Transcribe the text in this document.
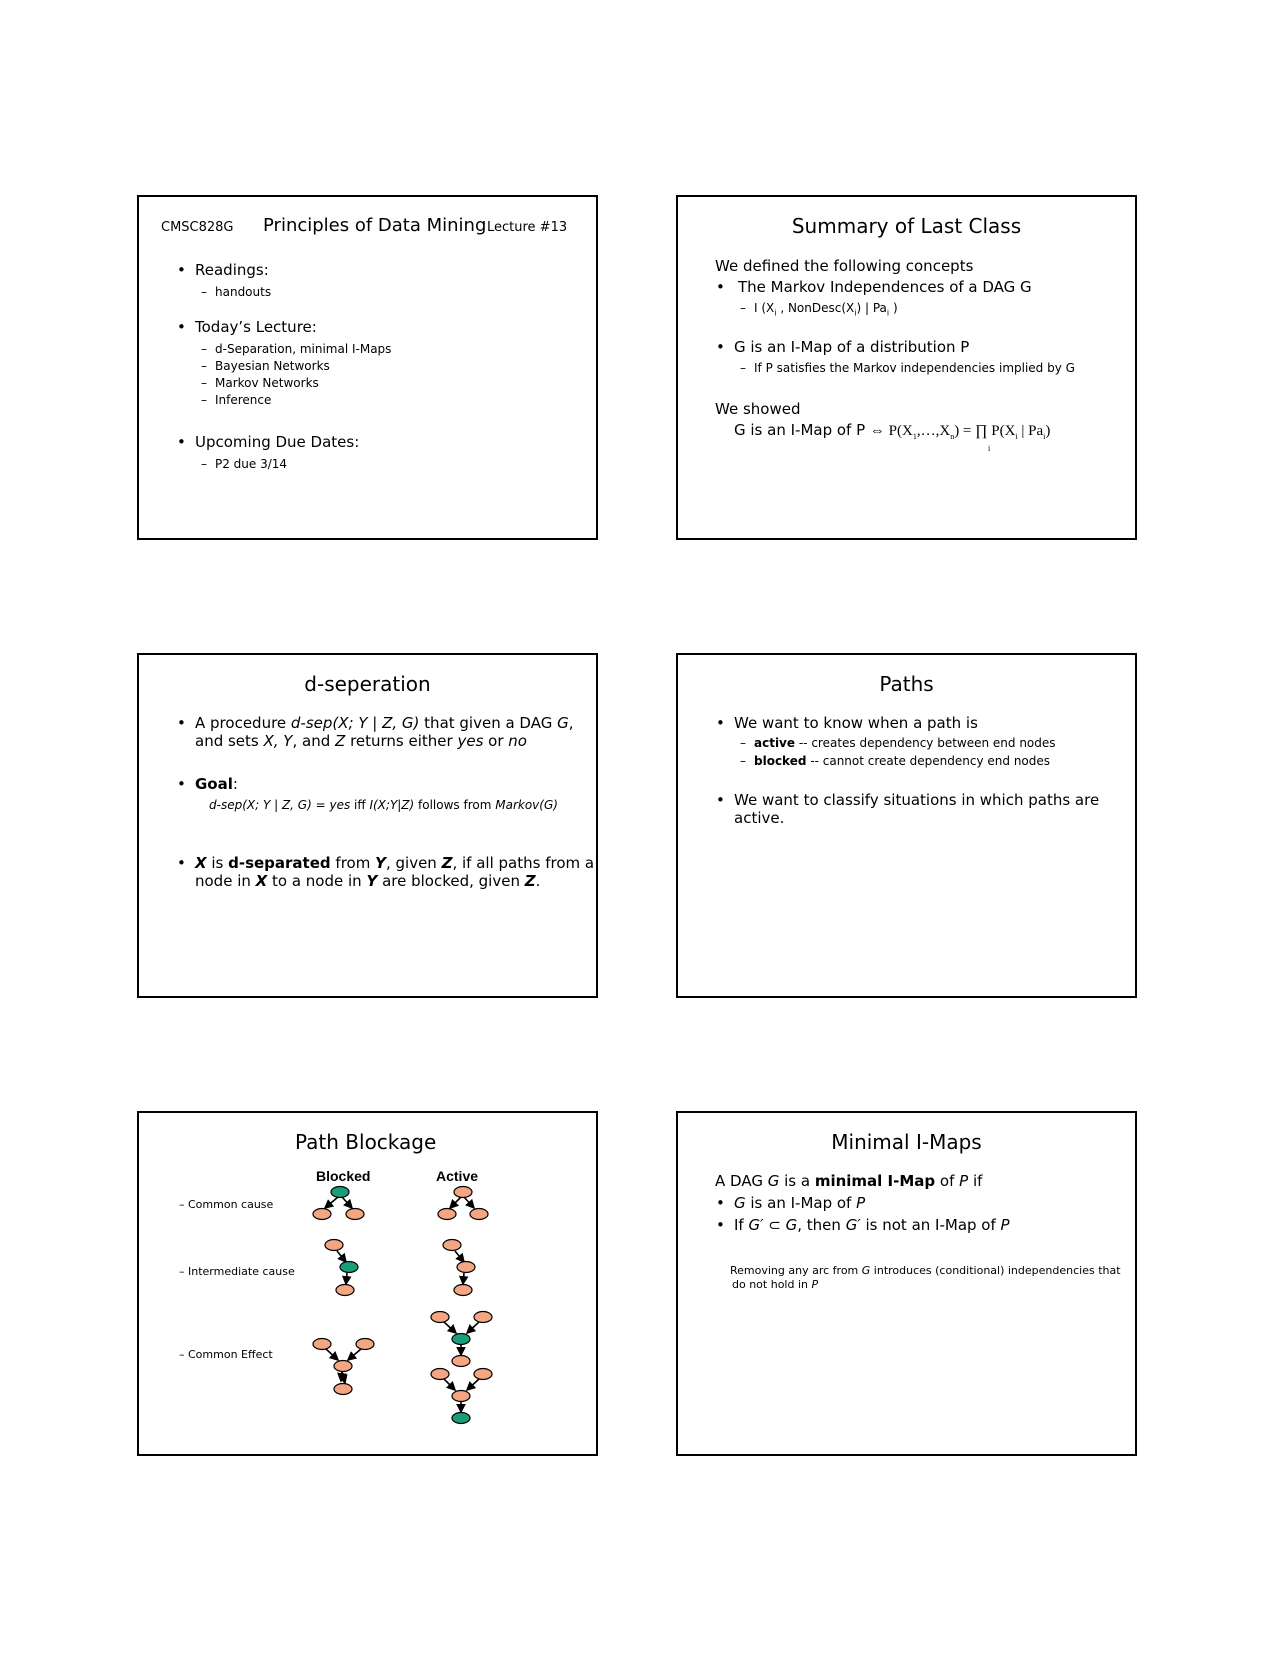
CMSC828G Principles of Data Mining Lecture #13
• Readings:
– handouts
• Today’s Lecture:
– d-Separation, minimal I-Maps
– Bayesian Networks
– Markov Networks
– Inference
• Upcoming Due Dates:
– P2 due 3/14
Summary of Last Class
We defined the following concepts
• The Markov Independences of a DAG G
– I ($X_i$ , $NonDesc(X_i)$ | $Pa_i$ )
• G is an I-Map of a distribution P
– If P satisfies the Markov independencies implied by G
We showed
G is an I-Map of P ⇔ $P(X_1,\dots,X_n)$ = ∏ $P(X_i$ | $Pa_i$)
i
d-seperation
• A procedure d-sep(X; Y | Z, G) that given a DAG G,
and sets X, Y, and Z returns either yes or no
• Goal:
d-sep(X; Y | Z, G) = yes iff I(X;Y|Z) follows from Markov(G)
• X is d-separated from Y, given Z, if all paths from a
node in X to a node in Y are blocked, given Z.
Paths
• We want to know when a path is
– active -- creates dependency between end nodes
– blocked -- cannot create dependency end nodes
• We want to classify situations in which paths are
active.
Path Blockage
Blocked	Active
– Common cause
– Intermediate cause
– Common Effect
Minimal I-Maps
A DAG G is a minimal I-Map of P if
• G is an I-Map of P
• If G′ ⊂ G, then G′ is not an I-Map of P
Removing any arc from G introduces (conditional) independencies that
do not hold in P
